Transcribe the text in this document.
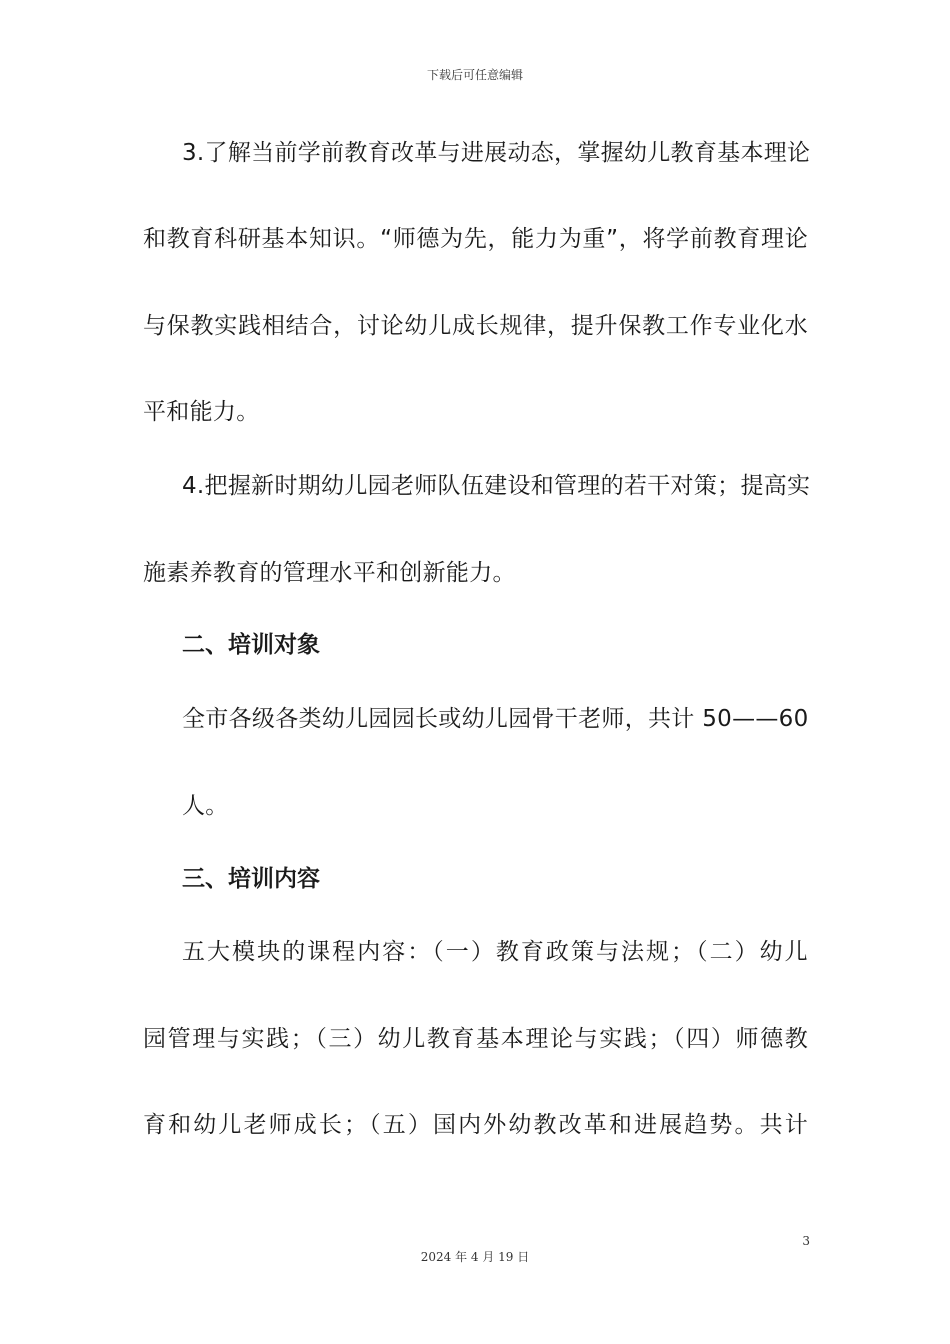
下载后可任意编辑
3.了解当前学前教育改革与进展动态，掌握幼儿教育基本理论
和教育科研基本知识。“师德为先，能力为重”，将学前教育理论
与保教实践相结合，讨论幼儿成长规律，提升保教工作专业化水
平和能力。
4.把握新时期幼儿园老师队伍建设和管理的若干对策；提高实
施素养教育的管理水平和创新能力。
二、培训对象
全市各级各类幼儿园园长或幼儿园骨干老师，共计 50——60
人。
三、培训内容
五大模块的课程内容：（一）教育政策与法规；（二）幼儿
园管理与实践；（三）幼儿教育基本理论与实践；（四）师德教
育和幼儿老师成长；（五）国内外幼教改革和进展趋势。共计
3
2024 年 4 月 19 日
